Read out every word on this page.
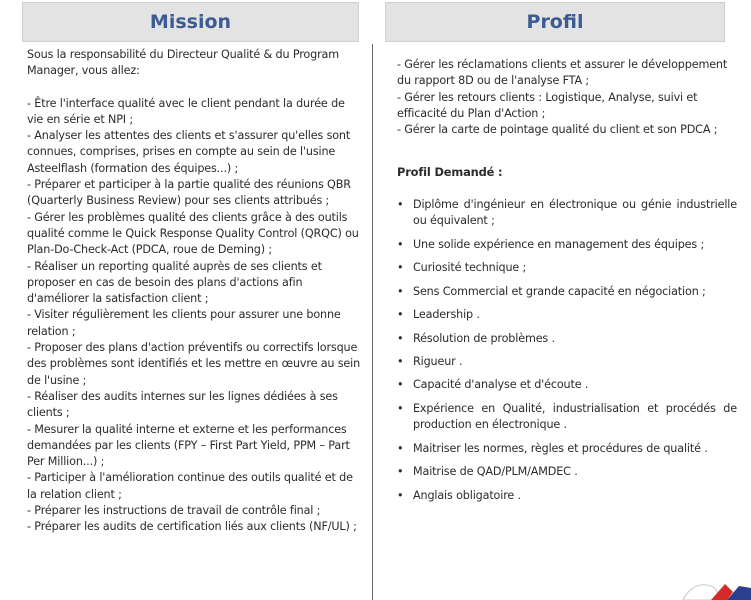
Mission

Sous la responsabilité du Directeur Qualité & du Program Manager, vous allez:

- Être l'interface qualité avec le client pendant la durée de vie en série et NPI ;

- Analyser les attentes des clients et s'assurer qu'elles sont connues, comprises, prises en compte au sein de l'usine Asteelflash (formation des équipes...) ;

- Préparer et participer à la partie qualité des réunions QBR (Quarterly Business Review) pour ses clients attribués ;

- Gérer les problèmes qualité des clients grâce à des outils qualité comme le Quick Response Quality Control (QRQC) ou Plan-Do-Check-Act (PDCA, roue de Deming) ;

- Réaliser un reporting qualité auprès de ses clients et proposer en cas de besoin des plans d'actions afin d'améliorer la satisfaction client ;

- Visiter régulièrement les clients pour assurer une bonne relation ;

- Proposer des plans d'action préventifs ou correctifs lorsque des problèmes sont identifiés et les mettre en œuvre au sein de l'usine ;

- Réaliser des audits internes sur les lignes dédiées à ses clients ;

- Mesurer la qualité interne et externe et les performances demandées par les clients (FPY – First Part Yield, PPM – Part Per Million...) ;

- Participer à l'amélioration continue des outils qualité et de la relation client ;

- Préparer les instructions de travail de contrôle final ;

- Préparer les audits de certification liés aux clients (NF/UL) ;

Profil

- Gérer les réclamations clients et assurer le développement du rapport 8D ou de l'analyse FTA ;

- Gérer les retours clients : Logistique, Analyse, suivi et efficacité du Plan d'Action ;

- Gérer la carte de pointage qualité du client et son PDCA ;

Profil Demandé :

• Diplôme d'ingénieur en électronique ou génie industrielle ou équivalent ;
• Une solide expérience en management des équipes ;
• Curiosité technique ;
• Sens Commercial et grande capacité en négociation ;
• Leadership .
• Résolution de problèmes .
• Rigueur .
• Capacité d'analyse et d'écoute .
• Expérience en Qualité, industrialisation et procédés de production en électronique .
• Maitriser les normes, règles et procédures de qualité .
• Maitrise de QAD/PLM/AMDEC .
• Anglais obligatoire .
